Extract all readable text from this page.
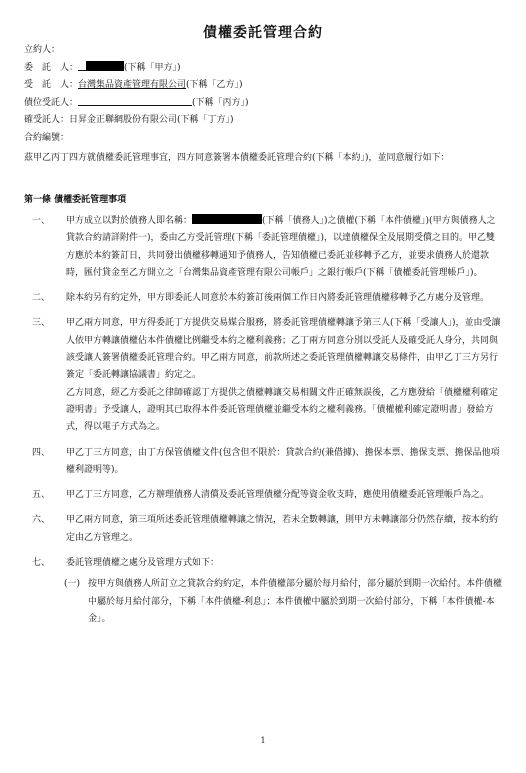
債權委託管理合約
立約人：
委　託　人：	(下稱「甲方」)
受　託　人：台灣集品資產管理有限公司(下稱「乙方」)
債位受託人：	(下稱「丙方」)
確受託人：日昇金正聯網股份有限公司(下稱「丁方」)
合約編號：
茲甲乙丙丁四方就債權委託管理事宜，四方同意簽署本債權委託管理合約(下稱「本約」)，並同意履行如下：
第一條 債權委託管理事項
一、 甲方成立以對於債務人即名稱：	(下稱「債務人」)之債權(下稱「本件債權」)(甲方與債務人之貸款合約請詳附件一)，委由乙方受託管理(下稱「委託管理債權」)，以達債權保全及展期受償之目的。甲乙雙方應於本約簽訂日，共同發出債權移轉通知予債務人，告知債權已委託並移轉予乙方，並要求債務人於還款時，匯付貸金至乙方開立之「台灣集品資產管理有限公司帳戶」之銀行帳戶(下稱「債權委託管理帳戶」)。

二、 除本約另有約定外，甲方即委託人同意於本約簽訂後兩個工作日內將委託管理債權移轉予乙方處分及管理。

三、 甲乙兩方同意，甲方得委託丁方提供交易媒合服務，將委託管理債權轉讓予第三人(下稱「受讓人」)，並由受讓人依甲方轉讓債權佔本件債權比例繼受本約之權利義務；乙丁兩方同意分別以受託人及確受託人身分，共同與該受讓人簽署債權委託管理合約。甲乙兩方同意，前款所述之委託管理債權轉讓交易條件，由甲乙丁三方另行簽定「委託轉讓協議書」約定之。

乙方同意，經乙方委託之律師確認丁方提供之債權轉讓交易相關文件正確無誤後，乙方應發給「債權權利確定證明書」予受讓人，證明其已取得本件委託管理債權並繼受本約之權利義務。「債權權利確定證明書」發給方式，得以電子方式為之。

四、 甲乙丁三方同意，由丁方保管債權文件(包含但不限於：貸款合約(兼借據)、擔保本票、擔保支票、擔保品他項權利證明等)。

五、 甲乙丁三方同意，乙方辦理債務人清償及委託管理債權分配等資金收支時，應使用債權委託管理帳戶為之。

六、 甲乙兩方同意，第三項所述委託管理債權轉讓之情況，若未全數轉讓，則甲方未轉讓部分仍然存續，按本約約定由乙方管理之。

七、 委託管理債權之處分及管理方式如下：

(一) 按甲方與債務人所訂立之貸款合約約定，本件債權部分屬於每月給付，部分屬於到期一次給付。本件債權中屬於每月給付部分，下稱「本件債權-利息」；本件債權中屬於到期一次給付部分，下稱「本件債權-本金」。

1
